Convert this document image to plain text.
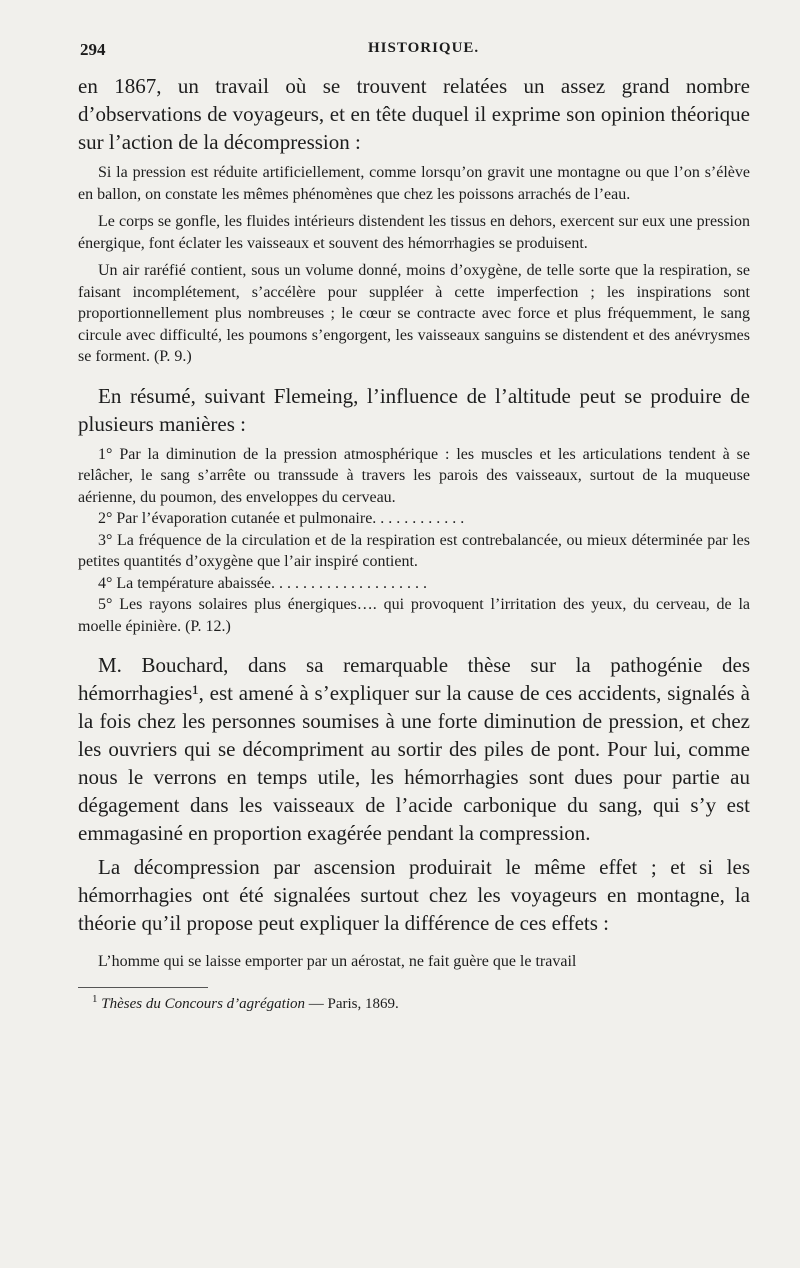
294	HISTORIQUE.

en 1867, un travail où se trouvent relatées un assez grand nombre d’observations de voyageurs, et en tête duquel il exprime son opinion théorique sur l’action de la décompression :

Si la pression est réduite artificiellement, comme lorsqu’on gravit une montagne ou que l’on s’élève en ballon, on constate les mêmes phénomènes que chez les poissons arrachés de l’eau.

Le corps se gonfle, les fluides intérieurs distendent les tissus en dehors, exercent sur eux une pression énergique, font éclater les vaisseaux et souvent des hémorrhagies se produisent.

Un air raréfié contient, sous un volume donné, moins d’oxygène, de telle sorte que la respiration, se faisant incomplétement, s’accélère pour suppléer à cette imperfection ; les inspirations sont proportionnellement plus nombreuses ; le cœur se contracte avec force et plus fréquemment, le sang circule avec difficulté, les poumons s’engorgent, les vaisseaux sanguins se distendent et des anévrysmes se forment. (P. 9.)

En résumé, suivant Flemeing, l’influence de l’altitude peut se produire de plusieurs manières :

1° Par la diminution de la pression atmosphérique : les muscles et les articulations tendent à se relâcher, le sang s’arrête ou transsude à travers les parois des vaisseaux, surtout de la muqueuse aérienne, du poumon, des enveloppes du cerveau.

2° Par l’évaporation cutanée et pulmonaire. . . . . . . . . . . .

3° La fréquence de la circulation et de la respiration est contrebalancée, ou mieux déterminée par les petites quantités d’oxygène que l’air inspiré contient.

4° La température abaissée. . . . . . . . . . . . . . . . . . . .

5° Les rayons solaires plus énergiques…. qui provoquent l’irritation des yeux, du cerveau, de la moelle épinière. (P. 12.)

M. Bouchard, dans sa remarquable thèse sur la pathogénie des hémorrhagies¹, est amené à s’expliquer sur la cause de ces accidents, signalés à la fois chez les personnes soumises à une forte diminution de pression, et chez les ouvriers qui se décompriment au sortir des piles de pont. Pour lui, comme nous le verrons en temps utile, les hémorrhagies sont dues pour partie au dégagement dans les vaisseaux de l’acide carbonique du sang, qui s’y est emmagasiné en proportion exagérée pendant la compression.

La décompression par ascension produirait le même effet ; et si les hémorrhagies ont été signalées surtout chez les voyageurs en montagne, la théorie qu’il propose peut expliquer la différence de ces effets :

L’homme qui se laisse emporter par un aérostat, ne fait guère que le travail

$^1$ Thèses du Concours d’agrégation — Paris, 1869.
